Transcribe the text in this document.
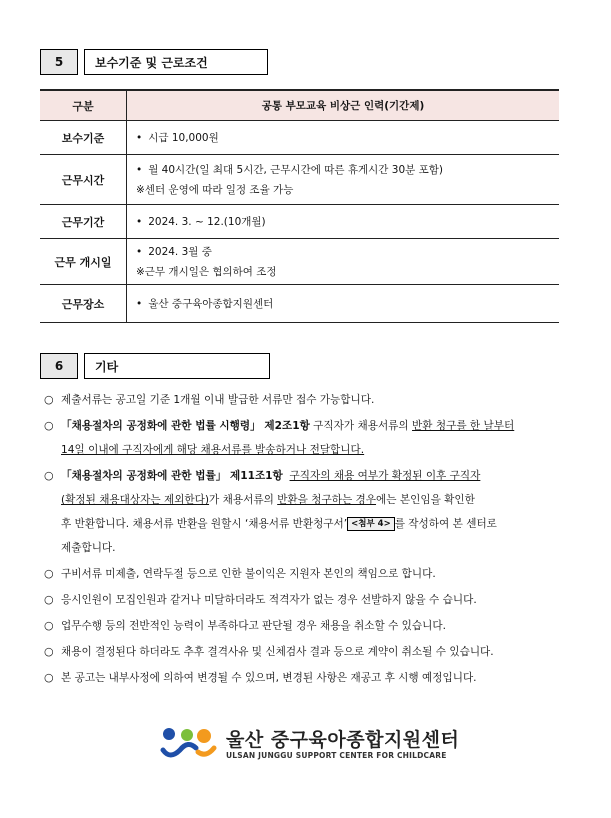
5	보수기준 및 근로조건
구분	공통 부모교육 비상근 인력(기간제)
보수기준	• 시급 10,000원

근무시간	• 월 40시간(일 최대 5시간, 근무시간에 따른 휴게시간 30분 포함)
※센터 운영에 따라 일정 조율 가능

근무기간	• 2024. 3. ~ 12.(10개월)

근무 개시일	• 2024. 3월 중
※근무 개시일은 협의하여 조정

근무장소	• 울산 중구육아종합지원센터
6	기타
○ 제출서류는 공고일 기준 1개월 이내 발급한 서류만 접수 가능합니다.
○ 「채용절차의 공정화에 관한 법률 시행령」 제2조1항 구직자가 채용서류의 반환 청구를 한 날부터
14일 이내에 구직자에게 해당 채용서류를 발송하거나 전달합니다.
○ 「채용절차의 공정화에 관한 법률」 제11조1항 구직자의 채용 여부가 확정된 이후 구직자
(확정된 채용대상자는 제외한다)가 채용서류의 반환을 청구하는 경우에는 본인임을 확인한
후 반환합니다. 채용서류 반환을 원할시 ‘채용서류 반환청구서’ <첨부 4> 를 작성하여 본 센터로
제출합니다.
○ 구비서류 미제출, 연락두절 등으로 인한 불이익은 지원자 본인의 책임으로 합니다.
○ 응시인원이 모집인원과 같거나 미달하더라도 적격자가 없는 경우 선발하지 않을 수 습니다.
○ 업무수행 등의 전반적인 능력이 부족하다고 판단될 경우 채용을 취소할 수 있습니다.
○ 채용이 결정된다 하더라도 추후 결격사유 및 신체검사 결과 등으로 계약이 취소될 수 있습니다.
○ 본 공고는 내부사정에 의하여 변경될 수 있으며, 변경된 사항은 재공고 후 시행 예정입니다.
울산 중구육아종합지원센터
ULSAN JUNGGU SUPPORT CENTER FOR CHILDCARE
